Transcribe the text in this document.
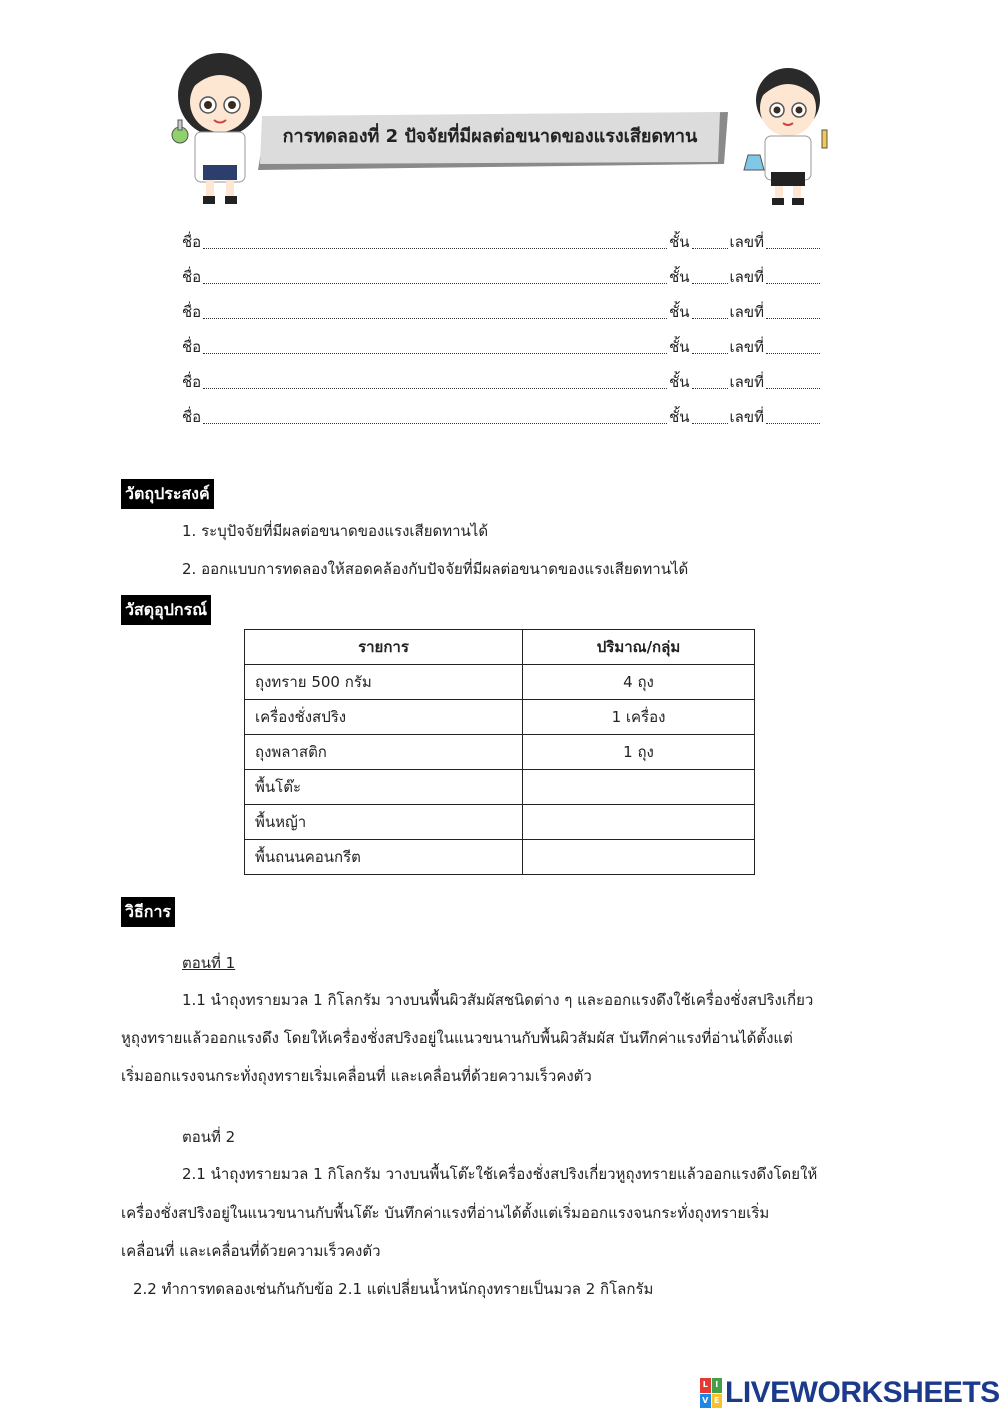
การทดลองที่ 2 ปัจจัยที่มีผลต่อขนาดของแรงเสียดทาน
ชื่อ	ชั้น	เลขที่
ชื่อ	ชั้น	เลขที่
ชื่อ	ชั้น	เลขที่
ชื่อ	ชั้น	เลขที่
ชื่อ	ชั้น	เลขที่
ชื่อ	ชั้น	เลขที่
วัตถุประสงค์
1. ระบุปัจจัยที่มีผลต่อขนาดของแรงเสียดทานได้
2. ออกแบบการทดลองให้สอดคล้องกับปัจจัยที่มีผลต่อขนาดของแรงเสียดทานได้
วัสดุอุปกรณ์
รายการ	ปริมาณ/กลุ่ม
ถุงทราย 500 กรัม	4 ถุง
เครื่องชั่งสปริง	1 เครื่อง
ถุงพลาสติก	1 ถุง
พื้นโต๊ะ	
พื้นหญ้า	
พื้นถนนคอนกรีต	
วิธีการ
ตอนที่ 1
1.1 นำถุงทรายมวล 1 กิโลกรัม วางบนพื้นผิวสัมผัสชนิดต่าง ๆ และออกแรงดึงใช้เครื่องชั่งสปริงเกี่ยว
หูถุงทรายแล้วออกแรงดึง โดยให้เครื่องชั่งสปริงอยู่ในแนวขนานกับพื้นผิวสัมผัส บันทึกค่าแรงที่อ่านได้ตั้งแต่
เริ่มออกแรงจนกระทั่งถุงทรายเริ่มเคลื่อนที่ และเคลื่อนที่ด้วยความเร็วคงตัว
ตอนที่ 2
2.1 นำถุงทรายมวล 1 กิโลกรัม วางบนพื้นโต๊ะใช้เครื่องชั่งสปริงเกี่ยวหูถุงทรายแล้วออกแรงดึงโดยให้
เครื่องชั่งสปริงอยู่ในแนวขนานกับพื้นโต๊ะ บันทึกค่าแรงที่อ่านได้ตั้งแต่เริ่มออกแรงจนกระทั่งถุงทรายเริ่ม
เคลื่อนที่ และเคลื่อนที่ด้วยความเร็วคงตัว
2.2 ทำการทดลองเช่นกันกับข้อ 2.1 แต่เปลี่ยนน้ำหนักถุงทรายเป็นมวล 2 กิโลกรัม
L I
V E LIVEWORKSHEETS
